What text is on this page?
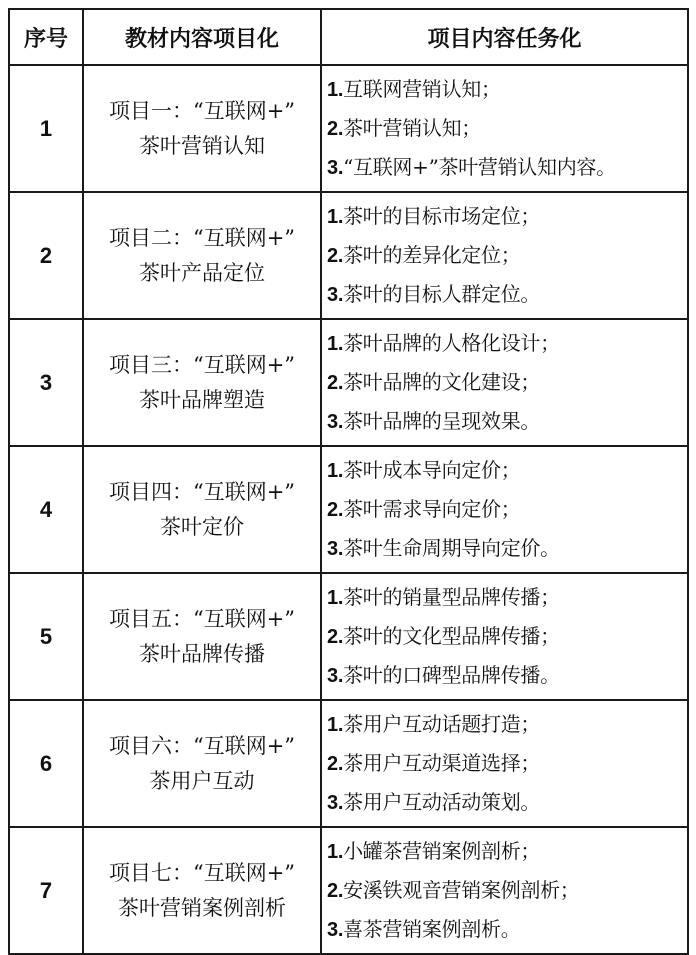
序号	教材内容项目化	项目内容任务化
1	项目一：“互联网+”
茶叶营销认知	1.互联网营销认知；
2.茶叶营销认知；
3.“互联网+”茶叶营销认知内容。

2	项目二：“互联网+”
茶叶产品定位	1.茶叶的目标市场定位；
2.茶叶的差异化定位；
3.茶叶的目标人群定位。

3	项目三：“互联网+”
茶叶品牌塑造	1.茶叶品牌的人格化设计；
2.茶叶品牌的文化建设；
3.茶叶品牌的呈现效果。

4	项目四：“互联网+”
茶叶定价	1.茶叶成本导向定价；
2.茶叶需求导向定价；
3.茶叶生命周期导向定价。

5	项目五：“互联网+”
茶叶品牌传播	1.茶叶的销量型品牌传播；
2.茶叶的文化型品牌传播；
3.茶叶的口碑型品牌传播。

6	项目六：“互联网+”
茶用户互动	1.茶用户互动话题打造；
2.茶用户互动渠道选择；
3.茶用户互动活动策划。

7	项目七：“互联网+”
茶叶营销案例剖析	1.小罐茶营销案例剖析；
2.安溪铁观音营销案例剖析；
3.喜茶营销案例剖析。
